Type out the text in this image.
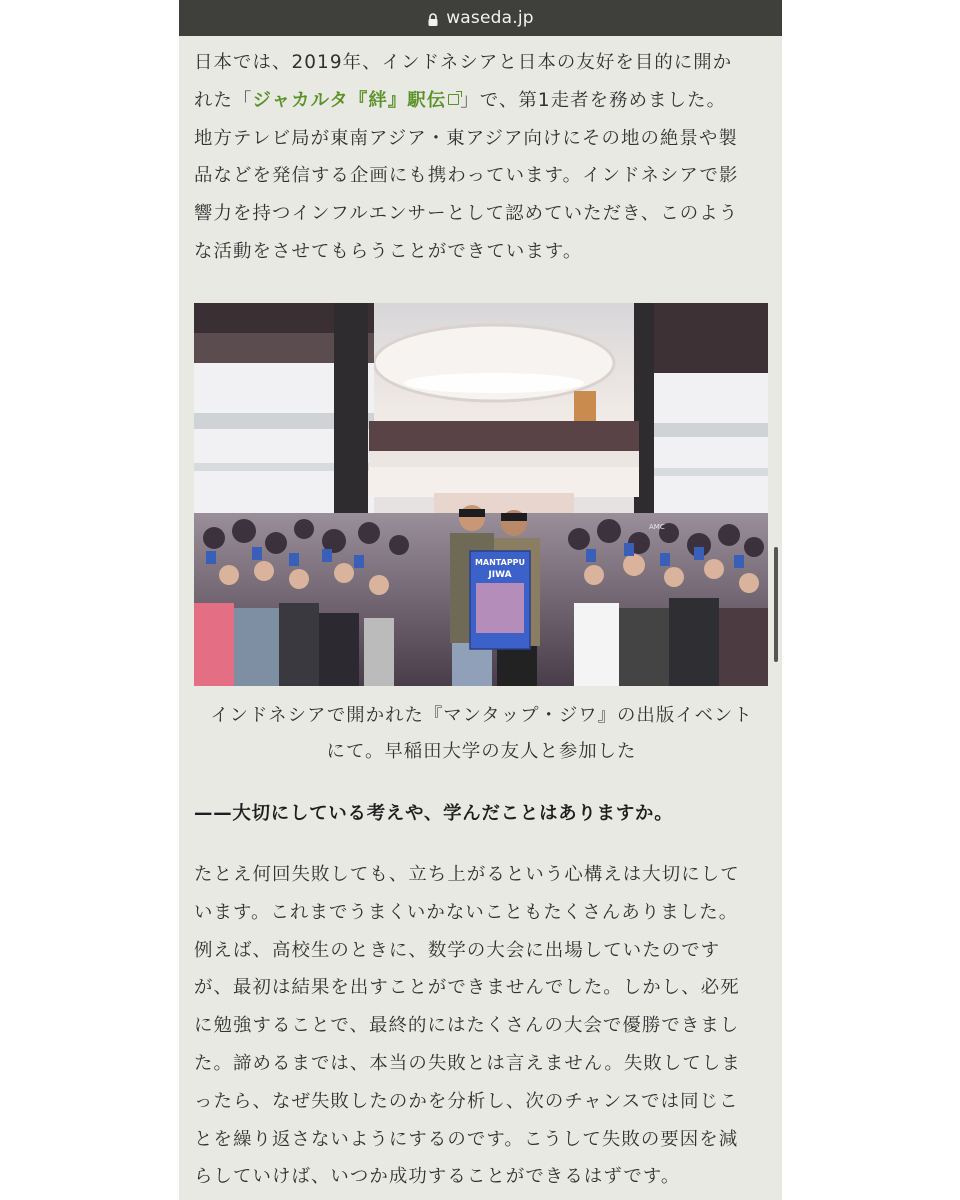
waseda.jp

日本では、2019年、インドネシアと日本の友好を目的に開か
れた「ジャカルタ『絆』駅伝 」で、第1走者を務めました。
地方テレビ局が東南アジア・東アジア向けにその地の絶景や製
品などを発信する企画にも携わっています。インドネシアで影
響力を持つインフルエンサーとして認めていただき、このよう
な活動をさせてもらうことができています。

MANTAPPU
JIWA
AMC
インドネシアで開かれた『マンタップ・ジワ』の出版イベント
にて。早稲田大学の友人と参加した
——大切にしている考えや、学んだことはありますか。

たとえ何回失敗しても、立ち上がるという心構えは大切にして
います。これまでうまくいかないこともたくさんありました。
例えば、高校生のときに、数学の大会に出場していたのです
が、最初は結果を出すことができませんでした。しかし、必死
に勉強することで、最終的にはたくさんの大会で優勝できまし
た。諦めるまでは、本当の失敗とは言えません。失敗してしま
ったら、なぜ失敗したのかを分析し、次のチャンスでは同じこ
とを繰り返さないようにするのです。こうして失敗の要因を減
らしていけば、いつか成功することができるはずです。
